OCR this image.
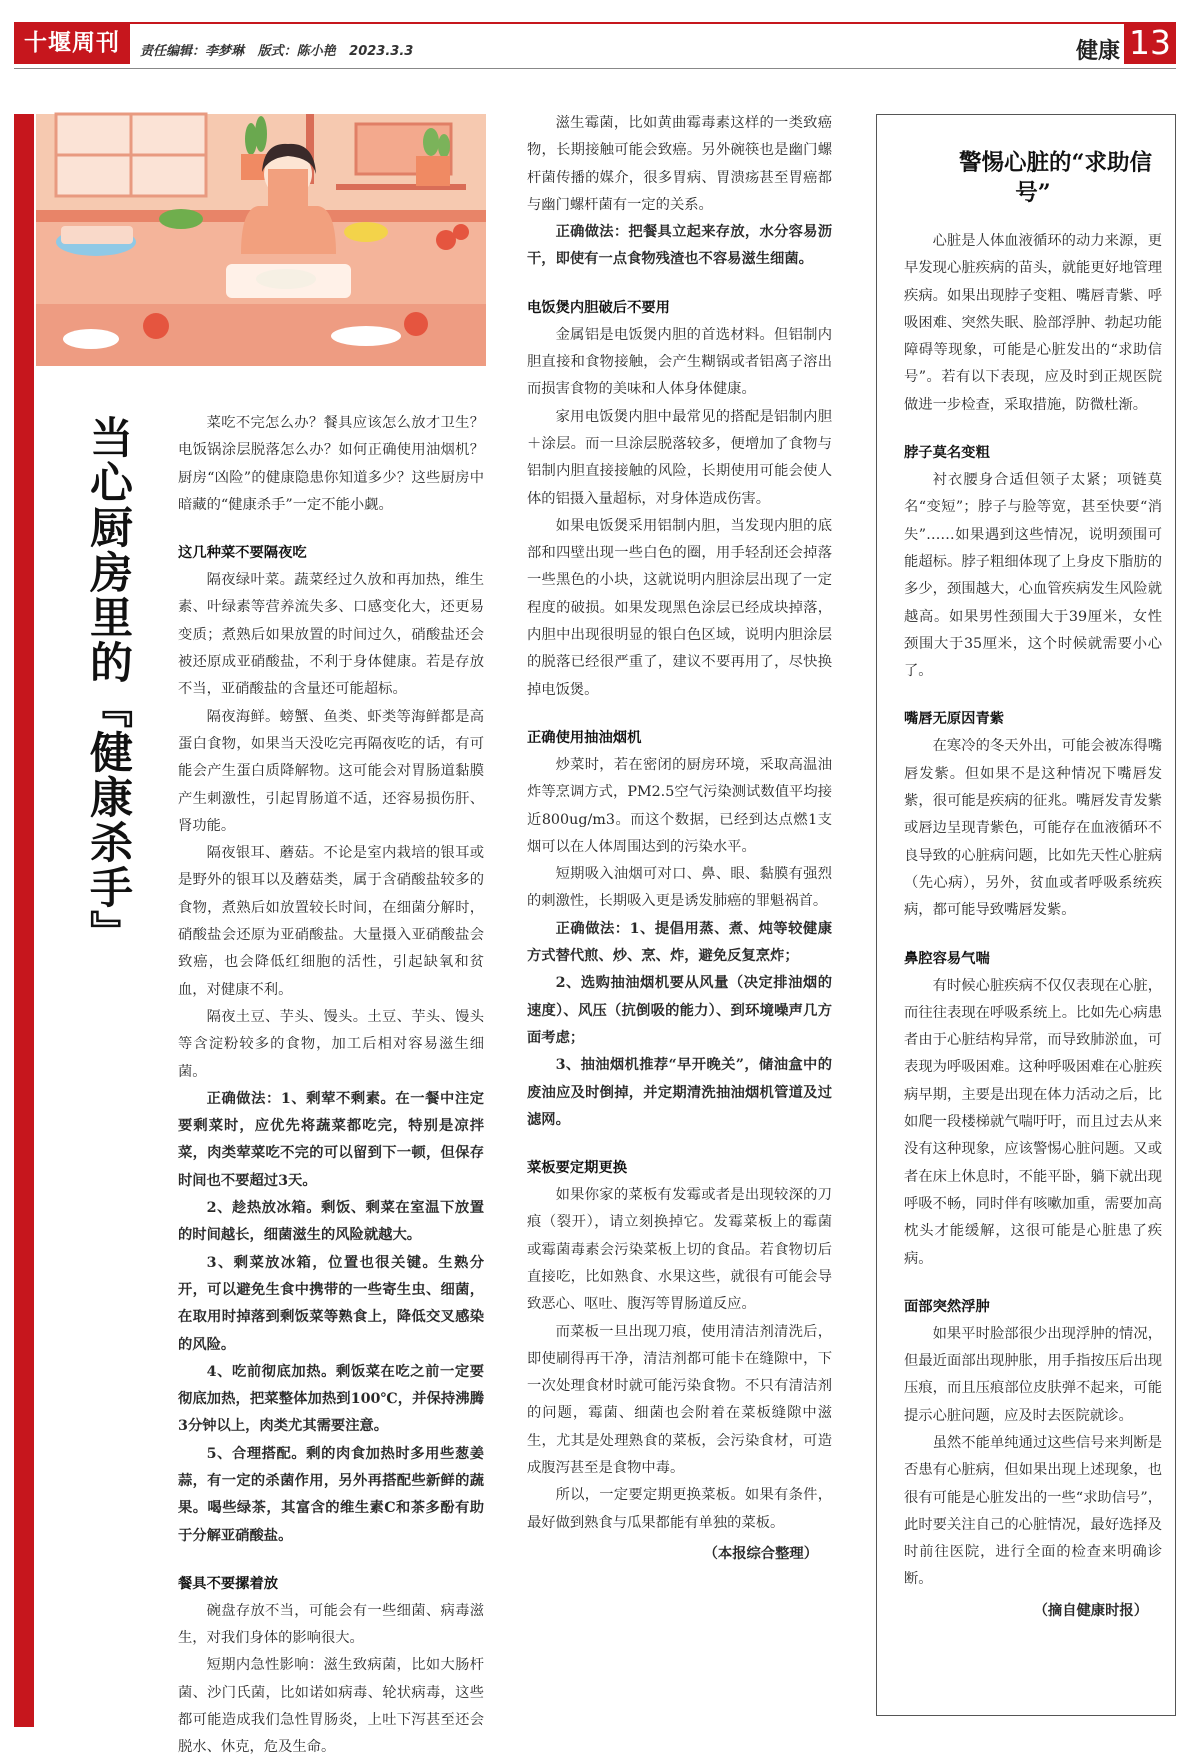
十堰周刊	责任编辑：李梦琳   版式：陈小艳   2023.3.3	健康 13
当心厨房里的『健康杀手』	菜吃不完怎么办？餐具应该怎么放才卫生？电饭锅涂层脱落怎么办？如何正确使用油烟机？厨房“凶险”的健康隐患你知道多少？这些厨房中暗藏的“健康杀手”一定不能小觑。

这几种菜不要隔夜吃

隔夜绿叶菜。蔬菜经过久放和再加热，维生素、叶绿素等营养流失多、口感变化大，还更易变质；煮熟后如果放置的时间过久，硝酸盐还会被还原成亚硝酸盐，不利于身体健康。若是存放不当，亚硝酸盐的含量还可能超标。

隔夜海鲜。螃蟹、鱼类、虾类等海鲜都是高蛋白食物，如果当天没吃完再隔夜吃的话，有可能会产生蛋白质降解物。这可能会对胃肠道黏膜产生刺激性，引起胃肠道不适，还容易损伤肝、肾功能。

隔夜银耳、蘑菇。不论是室内栽培的银耳或是野外的银耳以及蘑菇类，属于含硝酸盐较多的食物，煮熟后如放置较长时间，在细菌分解时，硝酸盐会还原为亚硝酸盐。大量摄入亚硝酸盐会致癌，也会降低红细胞的活性，引起缺氧和贫血，对健康不利。

隔夜土豆、芋头、馒头。土豆、芋头、馒头等含淀粉较多的食物，加工后相对容易滋生细菌。

正确做法：1、剩荤不剩素。在一餐中注定要剩菜时，应优先将蔬菜都吃完，特别是凉拌菜，肉类荤菜吃不完的可以留到下一顿，但保存时间也不要超过3天。

2、趁热放冰箱。剩饭、剩菜在室温下放置的时间越长，细菌滋生的风险就越大。

3、剩菜放冰箱，位置也很关键。生熟分开，可以避免生食中携带的一些寄生虫、细菌，在取用时掉落到剩饭菜等熟食上，降低交叉感染的风险。

4、吃前彻底加热。剩饭菜在吃之前一定要彻底加热，把菜整体加热到100℃，并保持沸腾3分钟以上，肉类尤其需要注意。

5、合理搭配。剩的肉食加热时多用些葱姜蒜，有一定的杀菌作用，另外再搭配些新鲜的蔬果。喝些绿茶，其富含的维生素C和茶多酚有助于分解亚硝酸盐。

餐具不要摞着放

碗盘存放不当，可能会有一些细菌、病毒滋生，对我们身体的影响很大。

短期内急性影响：滋生致病菌，比如大肠杆菌、沙门氏菌，比如诺如病毒、轮状病毒，这些都可能造成我们急性胃肠炎，上吐下泻甚至还会脱水、休克，危及生命。

滋生霉菌，比如黄曲霉毒素这样的一类致癌物，长期接触可能会致癌。另外碗筷也是幽门螺杆菌传播的媒介，很多胃病、胃溃疡甚至胃癌都与幽门螺杆菌有一定的关系。

正确做法：把餐具立起来存放，水分容易沥干，即使有一点食物残渣也不容易滋生细菌。

电饭煲内胆破后不要用

金属铝是电饭煲内胆的首选材料。但铝制内胆直接和食物接触，会产生糊锅或者铝离子溶出而损害食物的美味和人体身体健康。

家用电饭煲内胆中最常见的搭配是铝制内胆＋涂层。而一旦涂层脱落较多，便增加了食物与铝制内胆直接接触的风险，长期使用可能会使人体的铝摄入量超标，对身体造成伤害。

如果电饭煲采用铝制内胆，当发现内胆的底部和四壁出现一些白色的圈，用手轻刮还会掉落一些黑色的小块，这就说明内胆涂层出现了一定程度的破损。如果发现黑色涂层已经成块掉落，内胆中出现很明显的银白色区域，说明内胆涂层的脱落已经很严重了，建议不要再用了，尽快换掉电饭煲。

正确使用抽油烟机

炒菜时，若在密闭的厨房环境，采取高温油炸等烹调方式，PM2.5空气污染测试数值平均接近800ug/m3。而这个数据，已经到达点燃1支烟可以在人体周围达到的污染水平。

短期吸入油烟可对口、鼻、眼、黏膜有强烈的刺激性，长期吸入更是诱发肺癌的罪魁祸首。

正确做法：1、提倡用蒸、煮、炖等较健康方式替代煎、炒、烹、炸，避免反复烹炸；

2、选购抽油烟机要从风量（决定排油烟的速度）、风压（抗倒吸的能力）、到环境噪声几方面考虑；

3、抽油烟机推荐“早开晚关”，储油盒中的废油应及时倒掉，并定期清洗抽油烟机管道及过滤网。

菜板要定期更换

如果你家的菜板有发霉或者是出现较深的刀痕（裂开），请立刻换掉它。发霉菜板上的霉菌或霉菌毒素会污染菜板上切的食品。若食物切后直接吃，比如熟食、水果这些，就很有可能会导致恶心、呕吐、腹泻等胃肠道反应。

而菜板一旦出现刀痕，使用清洁剂清洗后，即使刷得再干净，清洁剂都可能卡在缝隙中，下一次处理食材时就可能污染食物。不只有清洁剂的问题，霉菌、细菌也会附着在菜板缝隙中滋生，尤其是处理熟食的菜板，会污染食材，可造成腹泻甚至是食物中毒。

所以，一定要定期更换菜板。如果有条件，最好做到熟食与瓜果都能有单独的菜板。

（本报综合整理）

警惕心脏的“求助信号”

心脏是人体血液循环的动力来源，更早发现心脏疾病的苗头，就能更好地管理疾病。如果出现脖子变粗、嘴唇青紫、呼吸困难、突然失眠、脸部浮肿、勃起功能障碍等现象，可能是心脏发出的“求助信号”。若有以下表现，应及时到正规医院做进一步检查，采取措施，防微杜渐。

脖子莫名变粗

衬衣腰身合适但领子太紧；项链莫名“变短”；脖子与脸等宽，甚至快要“消失”……如果遇到这些情况，说明颈围可能超标。脖子粗细体现了上身皮下脂肪的多少，颈围越大，心血管疾病发生风险就越高。如果男性颈围大于39厘米，女性颈围大于35厘米，这个时候就需要小心了。

嘴唇无原因青紫

在寒冷的冬天外出，可能会被冻得嘴唇发紫。但如果不是这种情况下嘴唇发紫，很可能是疾病的征兆。嘴唇发青发紫或唇边呈现青紫色，可能存在血液循环不良导致的心脏病问题，比如先天性心脏病（先心病），另外，贫血或者呼吸系统疾病，都可能导致嘴唇发紫。

鼻腔容易气喘

有时候心脏疾病不仅仅表现在心脏，而往往表现在呼吸系统上。比如先心病患者由于心脏结构异常，而导致肺淤血，可表现为呼吸困难。这种呼吸困难在心脏疾病早期，主要是出现在体力活动之后，比如爬一段楼梯就气喘吁吁，而且过去从来没有这种现象，应该警惕心脏问题。又或者在床上休息时，不能平卧，躺下就出现呼吸不畅，同时伴有咳嗽加重，需要加高枕头才能缓解，这很可能是心脏患了疾病。

面部突然浮肿

如果平时脸部很少出现浮肿的情况，但最近面部出现肿胀，用手指按压后出现压痕，而且压痕部位皮肤弹不起来，可能提示心脏问题，应及时去医院就诊。

虽然不能单纯通过这些信号来判断是否患有心脏病，但如果出现上述现象，也很有可能是心脏发出的一些“求助信号”，此时要关注自己的心脏情况，最好选择及时前往医院，进行全面的检查来明确诊断。

（摘自健康时报）
